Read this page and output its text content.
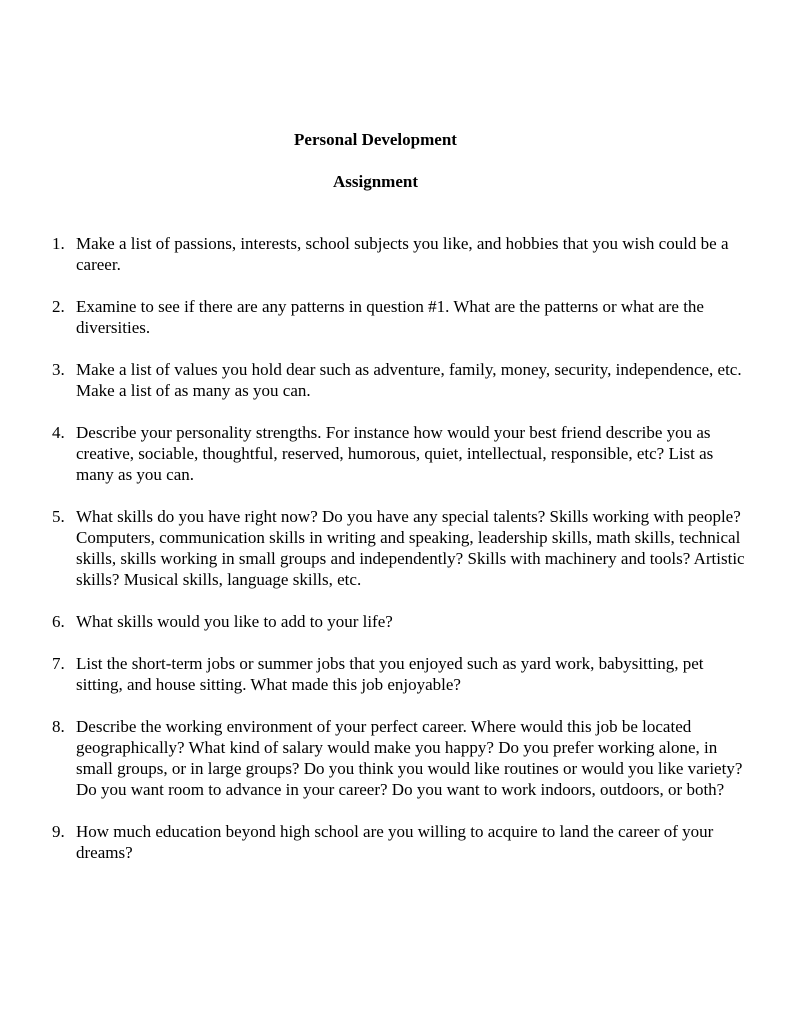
Personal Development
Assignment
1. Make a list of passions, interests, school subjects you like, and hobbies that you wish could be a career.
2. Examine to see if there are any patterns in question #1. What are the patterns or what are the diversities.
3. Make a list of values you hold dear such as adventure, family, money, security, independence, etc. Make a list of as many as you can.
4. Describe your personality strengths. For instance how would your best friend describe you as creative, sociable, thoughtful, reserved, humorous, quiet, intellectual, responsible, etc? List as many as you can.
5. What skills do you have right now? Do you have any special talents? Skills working with people? Computers, communication skills in writing and speaking, leadership skills, math skills, technical skills, skills working in small groups and independently? Skills with machinery and tools? Artistic skills? Musical skills, language skills, etc.
6. What skills would you like to add to your life?
7. List the short-term jobs or summer jobs that you enjoyed such as yard work, babysitting, pet sitting, and house sitting. What made this job enjoyable?
8. Describe the working environment of your perfect career. Where would this job be located geographically? What kind of salary would make you happy? Do you prefer working alone, in small groups, or in large groups? Do you think you would like routines or would you like variety? Do you want room to advance in your career? Do you want to work indoors, outdoors, or both?
9. How much education beyond high school are you willing to acquire to land the career of your dreams?
